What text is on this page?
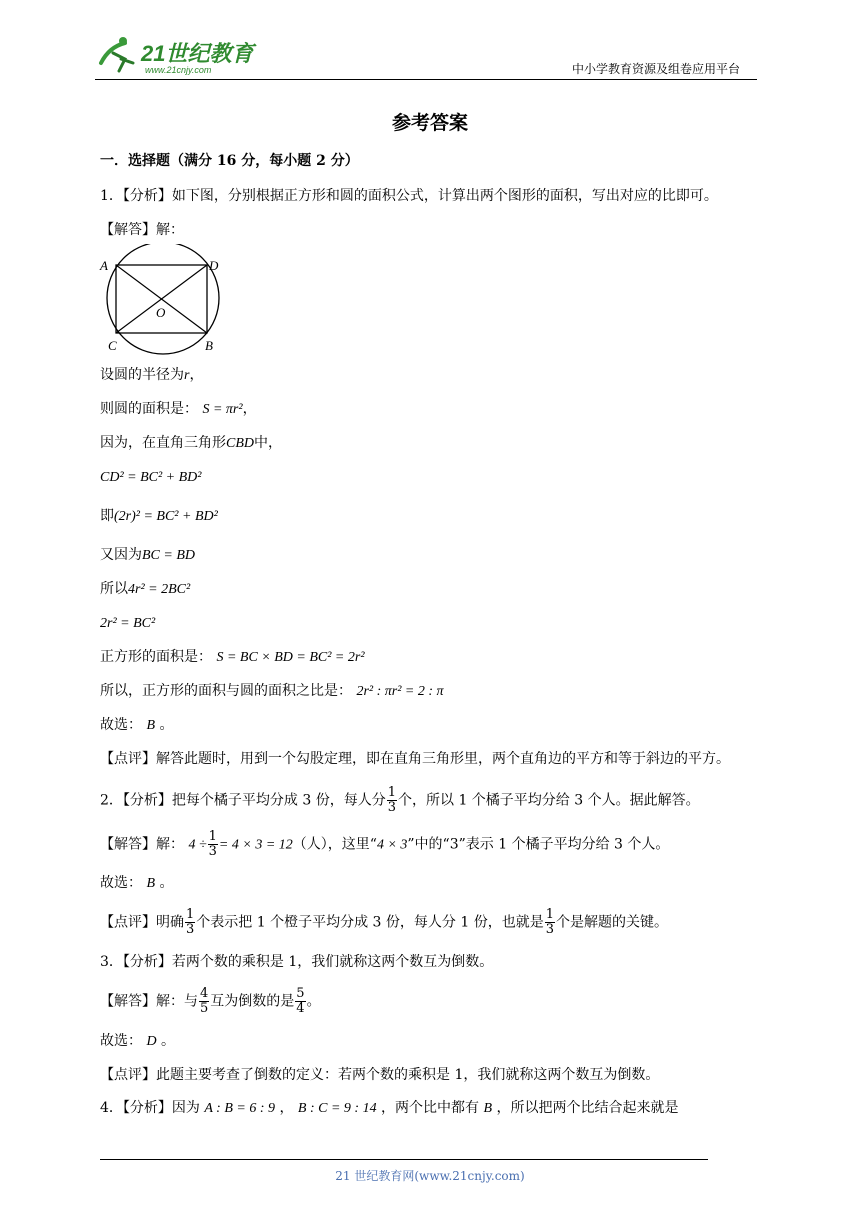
21世纪教育
www.21cnjy.com	中小学教育资源及组卷应用平台
参考答案
一．选择题（满分 16 分，每小题 2 分）
1．【分析】如下图，分别根据正方形和圆的面积公式，计算出两个图形的面积，写出对应的比即可。
【解答】解：
A	D
O
C	B
设圆的半径为r，
则圆的面积是： S = πr²，
因为，在直角三角形CBD中，
CD² = BC² + BD²
即(2r)² = BC² + BD²
又因为BC = BD
所以4r² = 2BC²
2r² = BC²
正方形的面积是： S = BC × BD = BC² = 2r²
所以，正方形的面积与圆的面积之比是： 2r² : πr² = 2 : π
故选： B 。
【点评】解答此题时，用到一个勾股定理，即在直角三角形里，两个直角边的平方和等于斜边的平方。
2．【分析】把每个橘子平均分成 3 份，每人分 $\frac{1}{3}$ 个，所以 1 个橘子平均分给 3 个人。据此解答。
【解答】解： $4 \div \frac{1}{3} = 4 \times 3 = 12$（人），这里“4 × 3”中的“3”表示 1 个橘子平均分给 3 个人。
故选： B 。
【点评】明确 $\frac{1}{3}$ 个表示把 1 个橙子平均分成 3 份，每人分 1 份，也就是 $\frac{1}{3}$ 个是解题的关键。
3．【分析】若两个数的乘积是 1，我们就称这两个数互为倒数。
【解答】解：与 $\frac{4}{5}$ 互为倒数的是 $\frac{5}{4}$ 。
故选： D 。
【点评】此题主要考查了倒数的定义：若两个数的乘积是 1，我们就称这两个数互为倒数。
4．【分析】因为 A : B = 6 : 9 ， B : C = 9 : 14 ，两个比中都有 B ，所以把两个比结合起来就是
21 世纪教育网(www.21cnjy.com)
